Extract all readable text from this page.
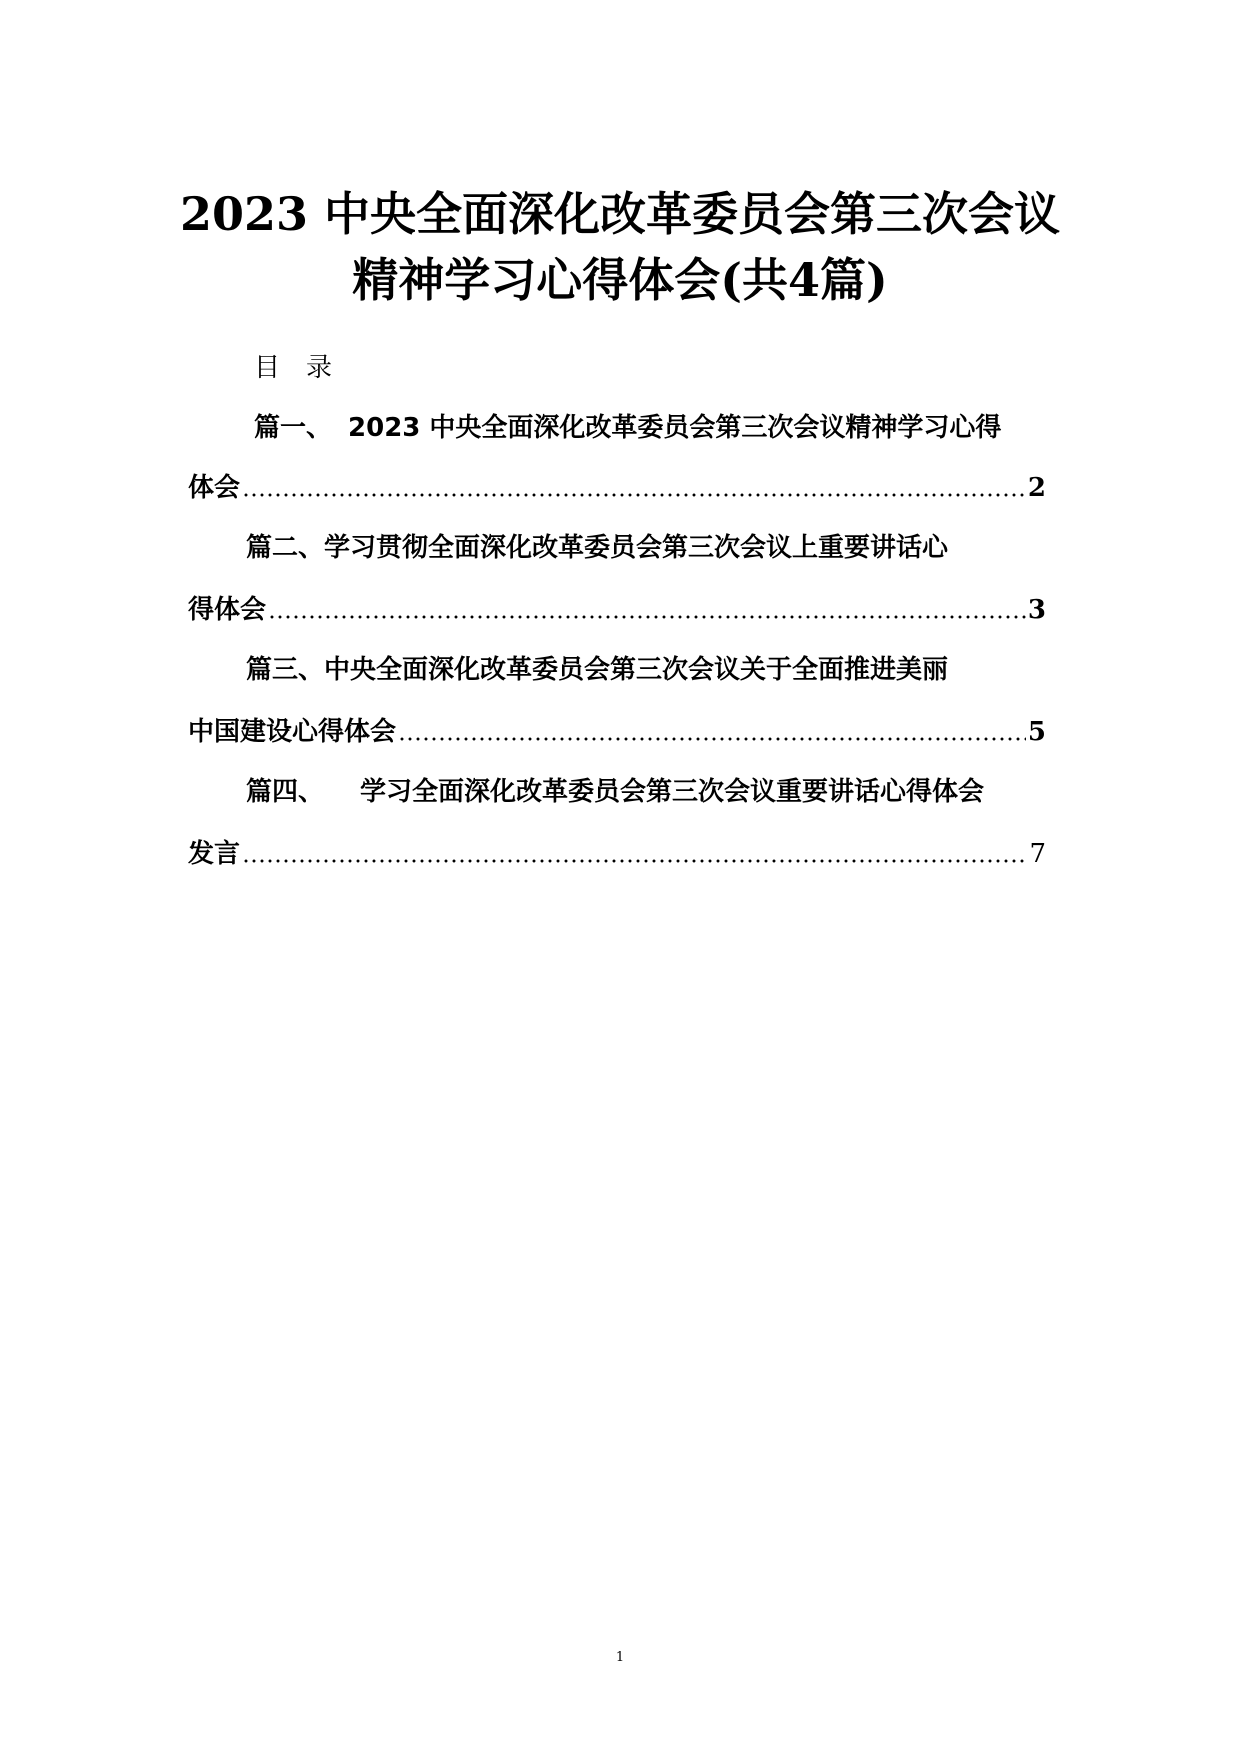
2023 中央全面深化改革委员会第三次会议
精神学习心得体会(共4篇)
目录
篇一、 2023 中央全面深化改革委员会第三次会议精神学习心得
体会	2
篇二、学习贯彻全面深化改革委员会第三次会议上重要讲话心
得体会	3
篇三、中央全面深化改革委员会第三次会议关于全面推进美丽
中国建设心得体会	5
篇四、 学习全面深化改革委员会第三次会议重要讲话心得体会
发言	7
1
